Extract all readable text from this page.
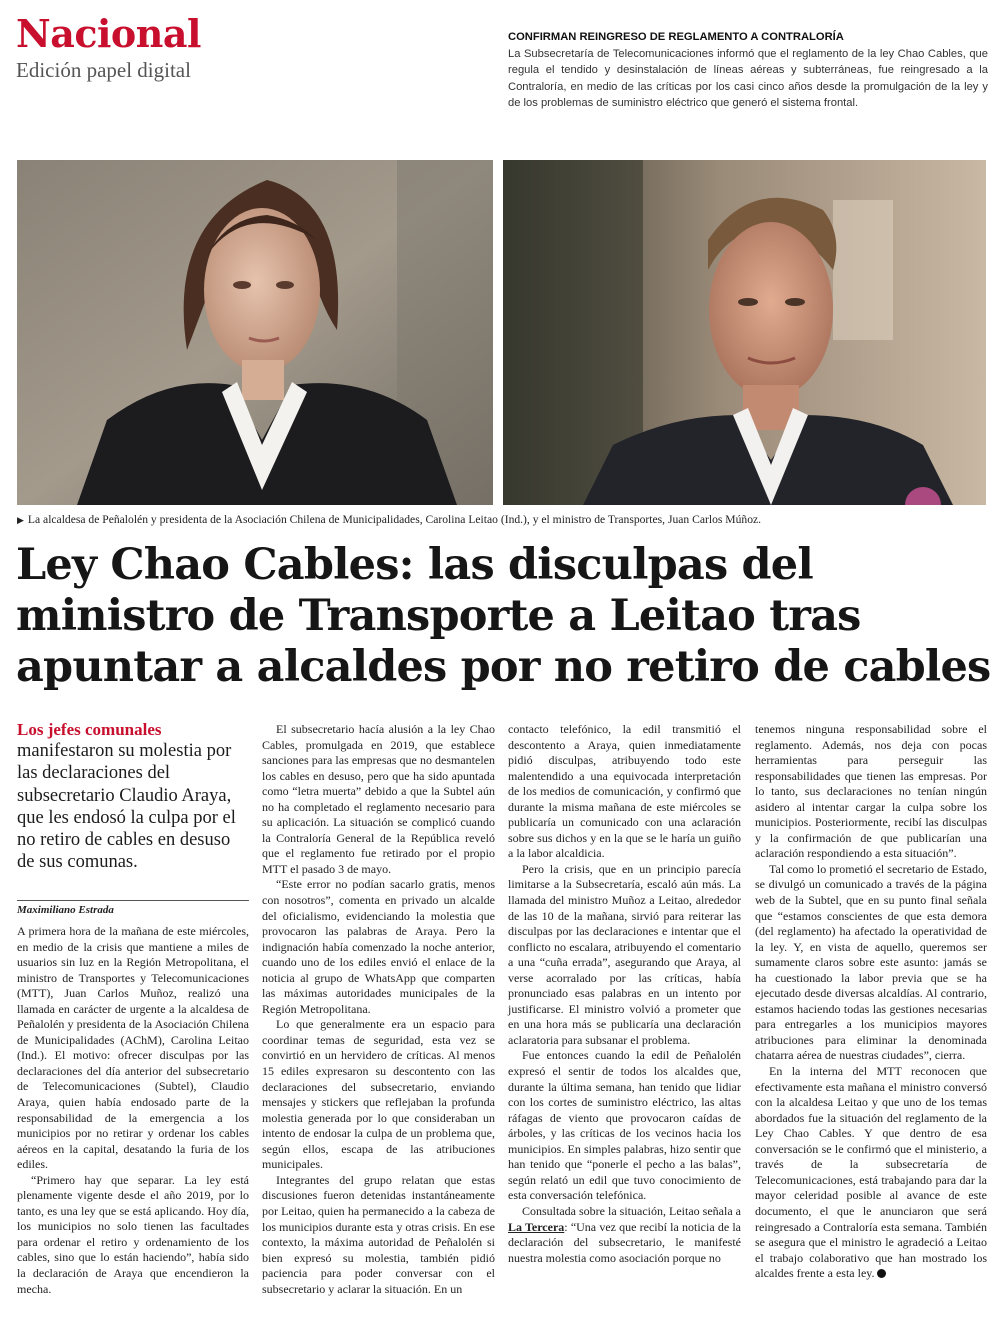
Nacional
Edición papel digital
CONFIRMAN REINGRESO DE REGLAMENTO A CONTRALORÍA
La Subsecretaría de Telecomunicaciones informó que el reglamento de la ley Chao Cables, que regula el tendido y desinstalación de líneas aéreas y subterráneas, fue reingresado a la Contraloría, en medio de las críticas por los casi cinco años desde la promulgación de la ley y de los problemas de suministro eléctrico que generó el sistema frontal.
▶ La alcaldesa de Peñalolén y presidenta de la Asociación Chilena de Municipalidades, Carolina Leitao (Ind.), y el ministro de Transportes, Juan Carlos Múñoz.
Ley Chao Cables: las disculpas del
ministro de Transporte a Leitao tras
apuntar a alcaldes por no retiro de cables
Los jefes comunales
manifestaron su molestia por las declaraciones del subsecretario Claudio Araya, que les endosó la culpa por el no retiro de cables en desuso de sus comunas.
Maximiliano Estrada

A primera hora de la mañana de este miércoles, en medio de la crisis que mantiene a miles de usuarios sin luz en la Región Metropolitana, el ministro de Transportes y Telecomunicaciones (MTT), Juan Carlos Muñoz, realizó una llamada en carácter de urgente a la alcaldesa de Peñalolén y presidenta de la Asociación Chilena de Municipalidades (AChM), Carolina Leitao (Ind.). El motivo: ofrecer disculpas por las declaraciones del día anterior del subsecretario de Telecomunicaciones (Subtel), Claudio Araya, quien había endosado parte de la responsabilidad de la emergencia a los municipios por no retirar y ordenar los cables aéreos en la capital, desatando la furia de los ediles.

“Primero hay que separar. La ley está plenamente vigente desde el año 2019, por lo tanto, es una ley que se está aplicando. Hoy día, los municipios no solo tienen las facultades para ordenar el retiro y ordenamiento de los cables, sino que lo están haciendo”, había sido la declaración de Araya que encendieron la mecha.

El subsecretario hacía alusión a la ley Chao Cables, promulgada en 2019, que establece sanciones para las empresas que no desmantelen los cables en desuso, pero que ha sido apuntada como “letra muerta” debido a que la Subtel aún no ha completado el reglamento necesario para su aplicación. La situación se complicó cuando la Contraloría General de la República reveló que el reglamento fue retirado por el propio MTT el pasado 3 de mayo.

“Este error no podían sacarlo gratis, menos con nosotros”, comenta en privado un alcalde del oficialismo, evidenciando la molestia que provocaron las palabras de Araya. Pero la indignación había comenzado la noche anterior, cuando uno de los ediles envió el enlace de la noticia al grupo de WhatsApp que comparten las máximas autoridades municipales de la Región Metropolitana.

Lo que generalmente era un espacio para coordinar temas de seguridad, esta vez se convirtió en un hervidero de críticas. Al menos 15 ediles expresaron su descontento con las declaraciones del subsecretario, enviando mensajes y stickers que reflejaban la profunda molestia generada por lo que consideraban un intento de endosar la culpa de un problema que, según ellos, escapa de las atribuciones municipales.

Integrantes del grupo relatan que estas discusiones fueron detenidas instantáneamente por Leitao, quien ha permanecido a la cabeza de los municipios durante esta y otras crisis. En ese contexto, la máxima autoridad de Peñalolén si bien expresó su molestia, también pidió paciencia para poder conversar con el subsecretario y aclarar la situación. En un

contacto telefónico, la edil transmitió el descontento a Araya, quien inmediatamente pidió disculpas, atribuyendo todo este malentendido a una equivocada interpretación de los medios de comunicación, y confirmó que durante la misma mañana de este miércoles se publicaría un comunicado con una aclaración sobre sus dichos y en la que se le haría un guiño a la labor alcaldicia.

Pero la crisis, que en un principio parecía limitarse a la Subsecretaría, escaló aún más. La llamada del ministro Muñoz a Leitao, alrededor de las 10 de la mañana, sirvió para reiterar las disculpas por las declaraciones e intentar que el conflicto no escalara, atribuyendo el comentario a una “cuña errada”, asegurando que Araya, al verse acorralado por las críticas, había pronunciado esas palabras en un intento por justificarse. El ministro volvió a prometer que en una hora más se publicaría una declaración aclaratoria para subsanar el problema.

Fue entonces cuando la edil de Peñalolén expresó el sentir de todos los alcaldes que, durante la última semana, han tenido que lidiar con los cortes de suministro eléctrico, las altas ráfagas de viento que provocaron caídas de árboles, y las críticas de los vecinos hacia los municipios. En simples palabras, hizo sentir que han tenido que “ponerle el pecho a las balas”, según relató un edil que tuvo conocimiento de esta conversación telefónica.

Consultada sobre la situación, Leitao señala a La Tercera: “Una vez que recibí la noticia de la declaración del subsecretario, le manifesté nuestra molestia como asociación porque no

tenemos ninguna responsabilidad sobre el reglamento. Además, nos deja con pocas herramientas para perseguir las responsabilidades que tienen las empresas. Por lo tanto, sus declaraciones no tenían ningún asidero al intentar cargar la culpa sobre los municipios. Posteriormente, recibí las disculpas y la confirmación de que publicarían una aclaración respondiendo a esta situación”.

Tal como lo prometió el secretario de Estado, se divulgó un comunicado a través de la página web de la Subtel, que en su punto final señala que “estamos conscientes de que esta demora (del reglamento) ha afectado la operatividad de la ley. Y, en vista de aquello, queremos ser sumamente claros sobre este asunto: jamás se ha cuestionado la labor previa que se ha ejecutado desde diversas alcaldías. Al contrario, estamos haciendo todas las gestiones necesarias para entregarles a los municipios mayores atribuciones para eliminar la denominada chatarra aérea de nuestras ciudades”, cierra.

En la interna del MTT reconocen que efectivamente esta mañana el ministro conversó con la alcaldesa Leitao y que uno de los temas abordados fue la situación del reglamento de la Ley Chao Cables. Y que dentro de esa conversación se le confirmó que el ministerio, a través de la subsecretaría de Telecomunicaciones, está trabajando para dar la mayor celeridad posible al avance de este documento, el que le anunciaron que será reingresado a Contraloría esta semana. También se asegura que el ministro le agradeció a Leitao el trabajo colaborativo que han mostrado los alcaldes frente a esta ley.
